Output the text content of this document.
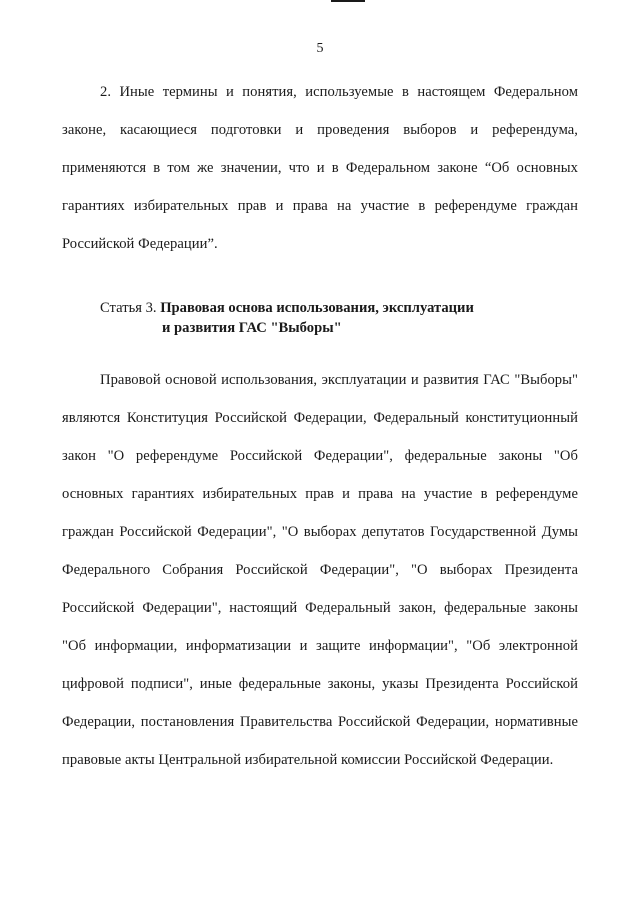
5

2. Иные термины и понятия, используемые в настоящем Федеральном законе, касающиеся подготовки и проведения выборов и референдума, применяются в том же значении, что и в Федеральном законе “Об основных гарантиях избирательных прав и права на участие в референдуме граждан Российской Федерации”.

Статья 3. Правовая основа использования, эксплуатации
и развития ГАС "Выборы"

Правовой основой использования, эксплуатации и развития ГАС "Выборы" являются Конституция Российской Федерации, Федеральный конституционный закон "О референдуме Российской Федерации", федеральные законы "Об основных гарантиях избирательных прав и права на участие в референдуме граждан Российской Федерации", "О выборах депутатов Государственной Думы Федерального Собрания Российской Федерации", "О выборах Президента Российской Федерации", настоящий Федеральный закон, федеральные законы "Об информации, информатизации и защите информации", "Об электронной цифровой подписи", иные федеральные законы, указы Президента Российской Федерации, постановления Правительства Российской Федерации, нормативные правовые акты Центральной избирательной комиссии Российской Федерации.
